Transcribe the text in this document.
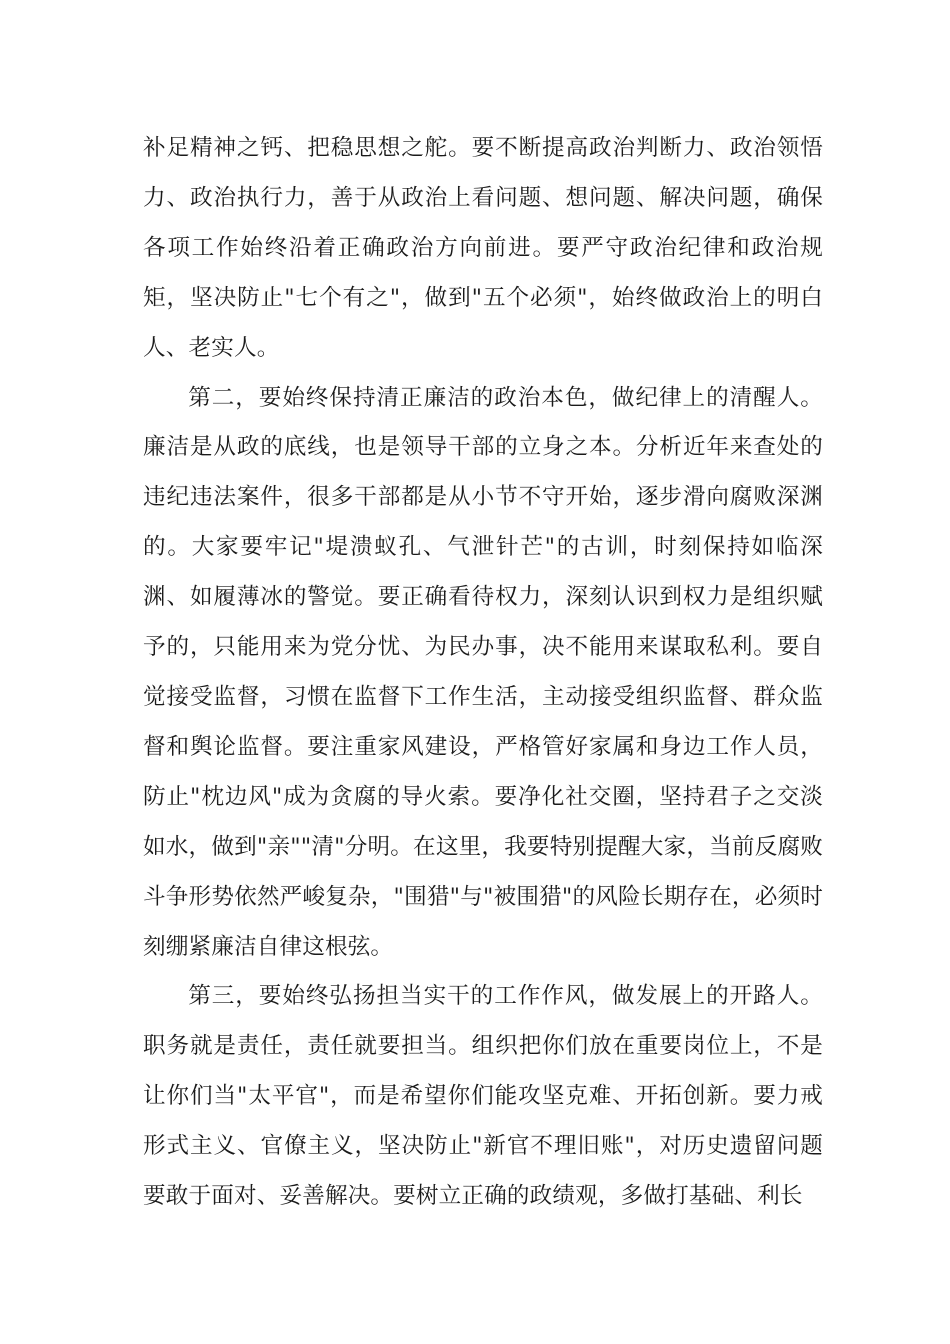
补足精神之钙、把稳思想之舵。要不断提高政治判断力、政治领悟力、政治执行力，善于从政治上看问题、想问题、解决问题，确保各项工作始终沿着正确政治方向前进。要严守政治纪律和政治规矩，坚决防止"七个有之"，做到"五个必须"，始终做政治上的明白人、老实人。

第二，要始终保持清正廉洁的政治本色，做纪律上的清醒人。廉洁是从政的底线，也是领导干部的立身之本。分析近年来查处的违纪违法案件，很多干部都是从小节不守开始，逐步滑向腐败深渊的。大家要牢记"堤溃蚁孔、气泄针芒"的古训，时刻保持如临深渊、如履薄冰的警觉。要正确看待权力，深刻认识到权力是组织赋予的，只能用来为党分忧、为民办事，决不能用来谋取私利。要自觉接受监督，习惯在监督下工作生活，主动接受组织监督、群众监督和舆论监督。要注重家风建设，严格管好家属和身边工作人员，防止"枕边风"成为贪腐的导火索。要净化社交圈，坚持君子之交淡如水，做到"亲""清"分明。在这里，我要特别提醒大家，当前反腐败斗争形势依然严峻复杂，"围猎"与"被围猎"的风险长期存在，必须时刻绷紧廉洁自律这根弦。

第三，要始终弘扬担当实干的工作作风，做发展上的开路人。职务就是责任，责任就要担当。组织把你们放在重要岗位上，不是让你们当"太平官"，而是希望你们能攻坚克难、开拓创新。要力戒形式主义、官僚主义，坚决防止"新官不理旧账"，对历史遗留问题要敢于面对、妥善解决。要树立正确的政绩观，多做打基础、利长
